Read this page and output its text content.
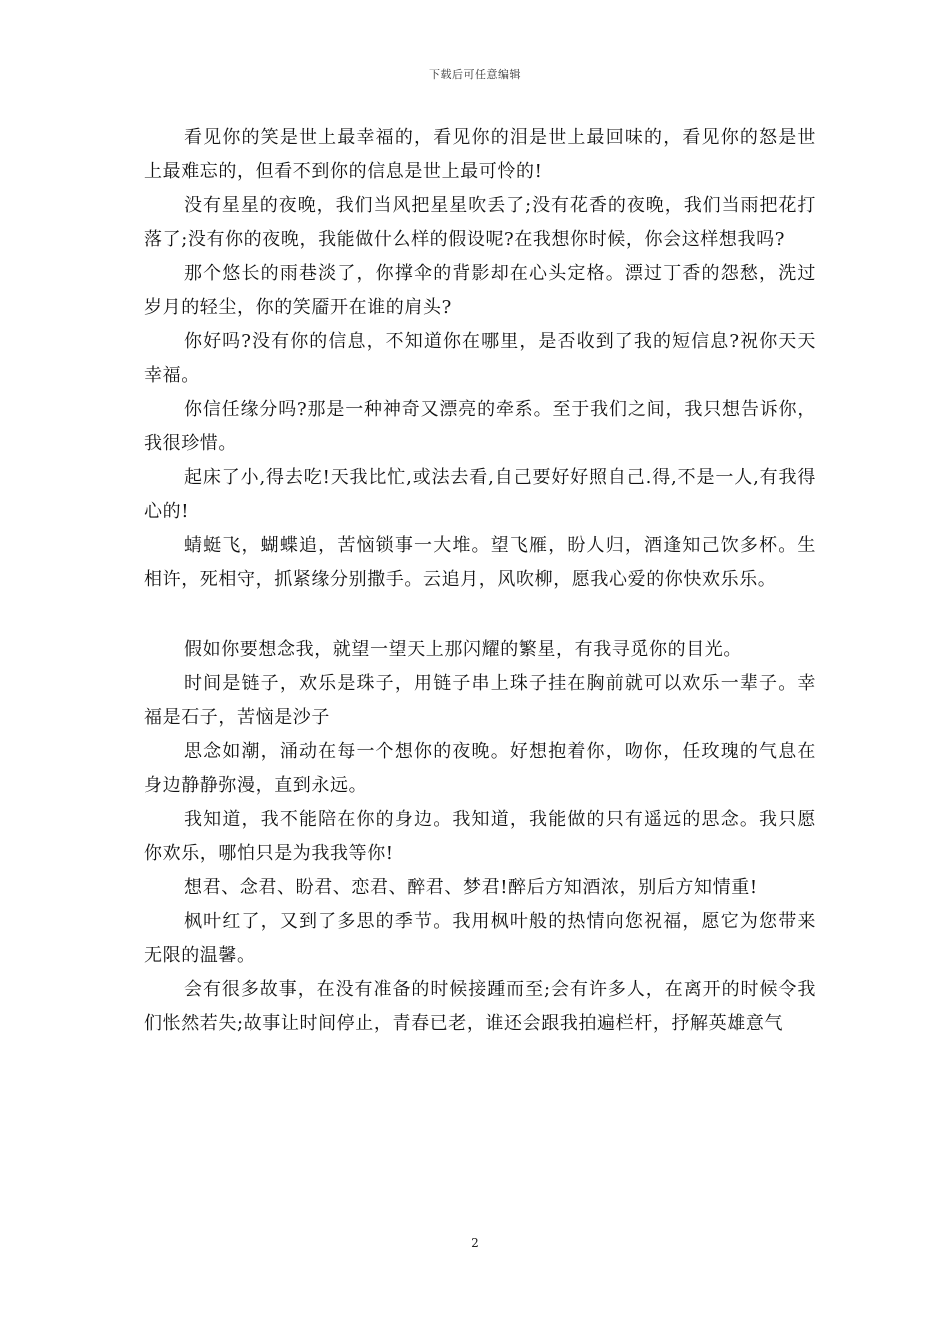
下载后可任意编辑

看见你的笑是世上最幸福的，看见你的泪是世上最回味的，看见你的怒是世上最难忘的，但看不到你的信息是世上最可怜的!

没有星星的夜晚，我们当风把星星吹丢了;没有花香的夜晚，我们当雨把花打落了;没有你的夜晚，我能做什么样的假设呢?在我想你时候，你会这样想我吗?

那个悠长的雨巷淡了，你撑伞的背影却在心头定格。漂过丁香的怨愁，洗过岁月的轻尘，你的笑靥开在谁的肩头?

你好吗?没有你的信息，不知道你在哪里，是否收到了我的短信息?祝你天天幸福。

你信任缘分吗?那是一种神奇又漂亮的牵系。至于我们之间，我只想告诉你，我很珍惜。

起床了小,得去吃!天我比忙,或法去看,自己要好好照自己.得,不是一人,有我得心的!

蜻蜓飞，蝴蝶追，苦恼锁事一大堆。望飞雁，盼人归，酒逢知己饮多杯。生相许，死相守，抓紧缘分别撒手。云追月，风吹柳，愿我心爱的你快欢乐乐。

假如你要想念我，就望一望天上那闪耀的繁星，有我寻觅你的目光。

时间是链子，欢乐是珠子，用链子串上珠子挂在胸前就可以欢乐一辈子。幸福是石子，苦恼是沙子

思念如潮，涌动在每一个想你的夜晚。好想抱着你，吻你，任玫瑰的气息在身边静静弥漫，直到永远。

我知道，我不能陪在你的身边。我知道，我能做的只有遥远的思念。我只愿你欢乐，哪怕只是为我我等你!

想君、念君、盼君、恋君、醉君、梦君!醉后方知酒浓，别后方知情重!

枫叶红了，又到了多思的季节。我用枫叶般的热情向您祝福，愿它为您带来无限的温馨。

会有很多故事，在没有准备的时候接踵而至;会有许多人，在离开的时候令我们怅然若失;故事让时间停止，青春已老，谁还会跟我拍遍栏杆，抒解英雄意气

2
